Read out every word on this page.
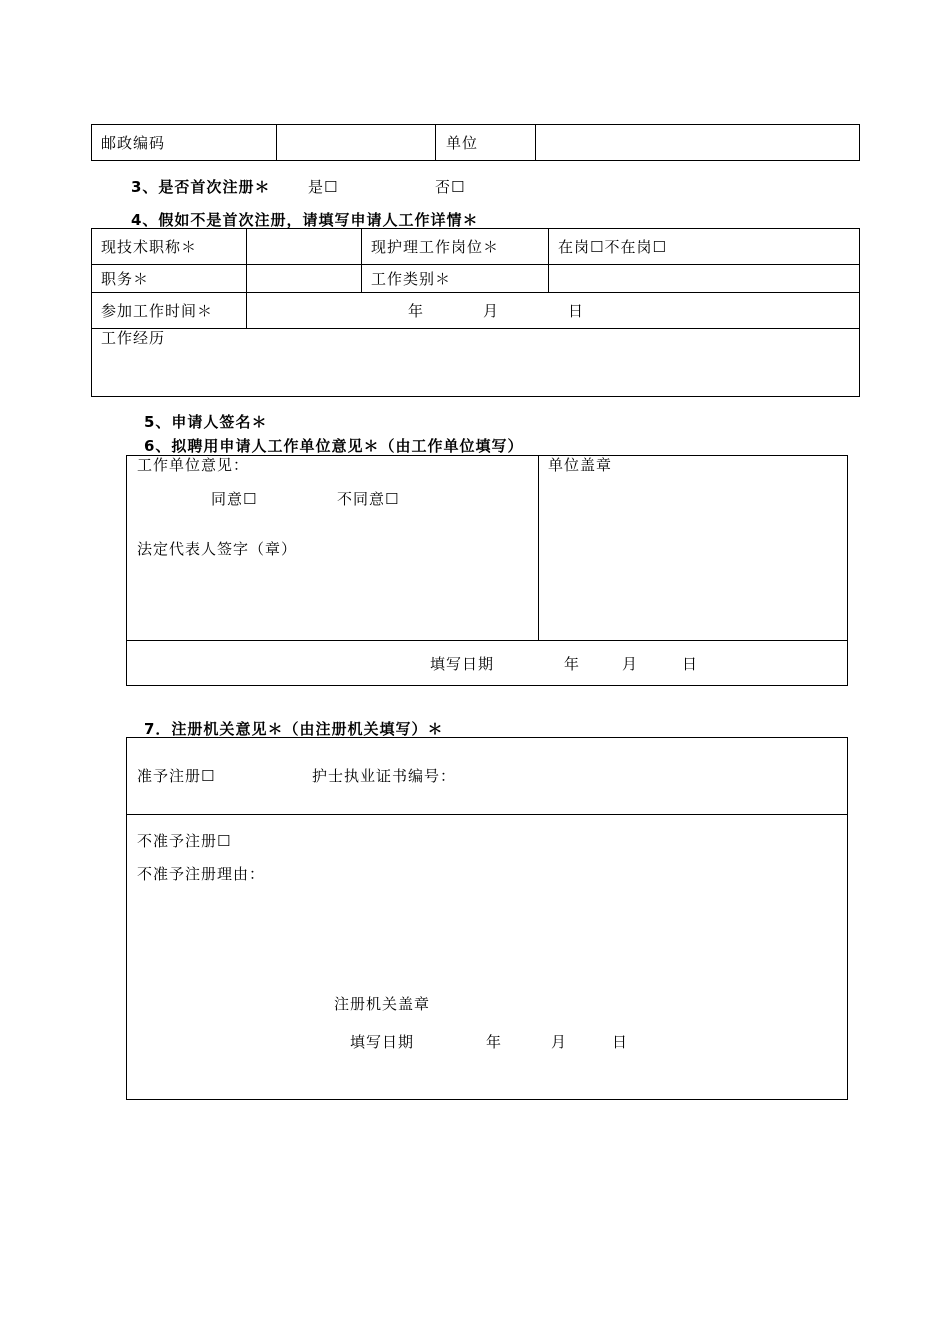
邮政编码	单位
3、是否首次注册＊	是☐	否☐
4、假如不是首次注册，请填写申请人工作详情＊
现技术职称＊	现护理工作岗位＊	在岗☐不在岗☐
职务＊	工作类别＊
参加工作时间＊	年	月	日
工作经历
5、申请人签名＊
6、拟聘用申请人工作单位意见＊（由工作单位填写）
工作单位意见：
同意☐	不同意☐
法定代表人签字（章）
单位盖章
填写日期	年	月	日
7．注册机关意见＊（由注册机关填写）＊
准予注册☐	护士执业证书编号：
不准予注册☐
不准予注册理由：
注册机关盖章
填写日期	年	月	日
